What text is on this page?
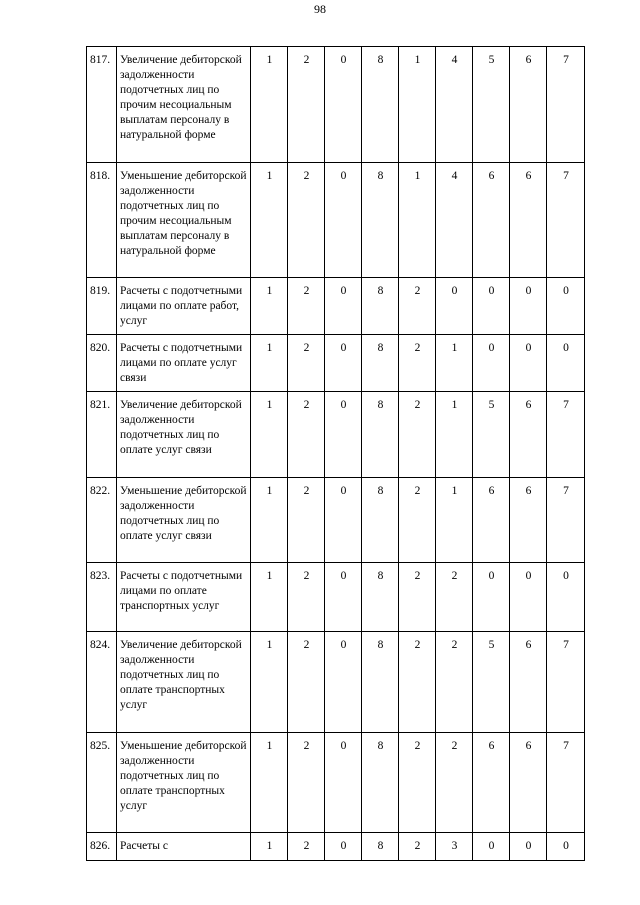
98
817.	Увеличение дебиторской задолженности подотчетных лиц по прочим несоциальным выплатам персоналу в натуральной форме	1	2	0	8	1	4	5	6	7
818.	Уменьшение дебиторской задолженности подотчетных лиц по прочим несоциальным выплатам персоналу в натуральной форме	1	2	0	8	1	4	6	6	7
819.	Расчеты с подотчетными лицами по оплате работ, услуг	1	2	0	8	2	0	0	0	0
820.	Расчеты с подотчетными лицами по оплате услуг связи	1	2	0	8	2	1	0	0	0
821.	Увеличение дебиторской задолженности подотчетных лиц по оплате услуг связи	1	2	0	8	2	1	5	6	7
822.	Уменьшение дебиторской задолженности подотчетных лиц по оплате услуг связи	1	2	0	8	2	1	6	6	7
823.	Расчеты с подотчетными лицами по оплате транспортных услуг	1	2	0	8	2	2	0	0	0
824.	Увеличение дебиторской задолженности подотчетных лиц по оплате транспортных услуг	1	2	0	8	2	2	5	6	7
825.	Уменьшение дебиторской задолженности подотчетных лиц по оплате транспортных услуг	1	2	0	8	2	2	6	6	7
826.	Расчеты с	1	2	0	8	2	3	0	0	0
